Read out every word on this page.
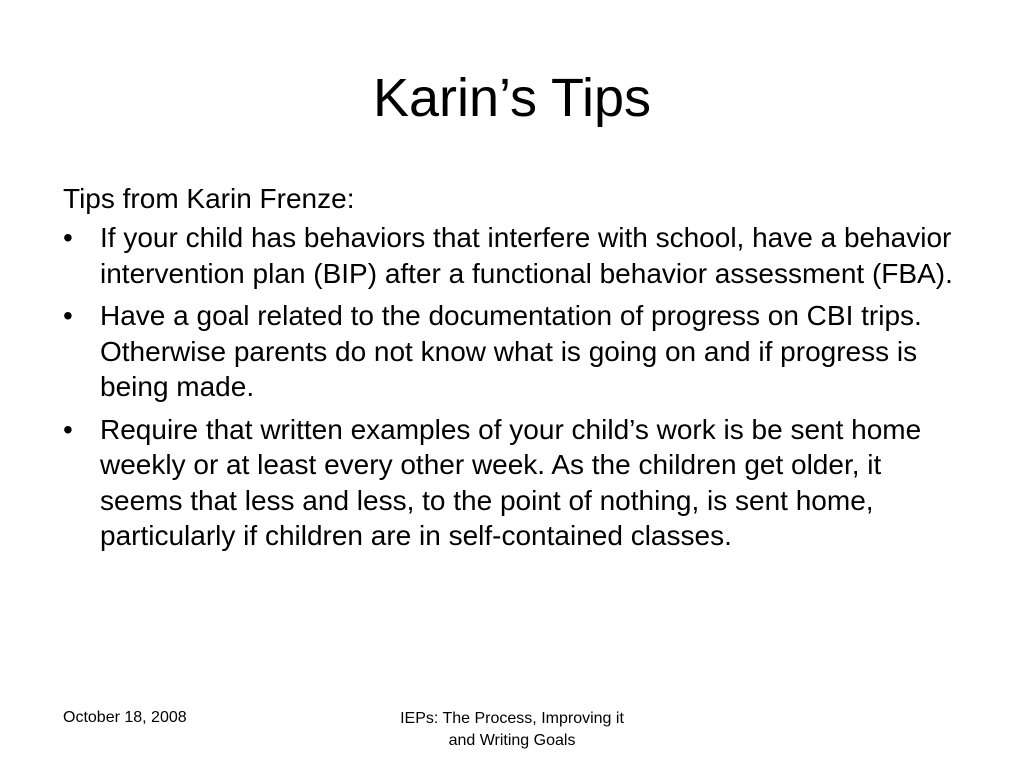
Karin’s Tips

Tips from Karin Frenze:

• If your child has behaviors that interfere with school, have a behavior intervention plan (BIP) after a functional behavior assessment (FBA).
• Have a goal related to the documentation of progress on CBI trips. Otherwise parents do not know what is going on and if progress is being made.
• Require that written examples of your child’s work is be sent home weekly or at least every other week. As the children get older, it seems that less and less, to the point of nothing, is sent home, particularly if children are in self-contained classes.
October 18, 2008	IEPs: The Process, Improving it
and Writing Goals
